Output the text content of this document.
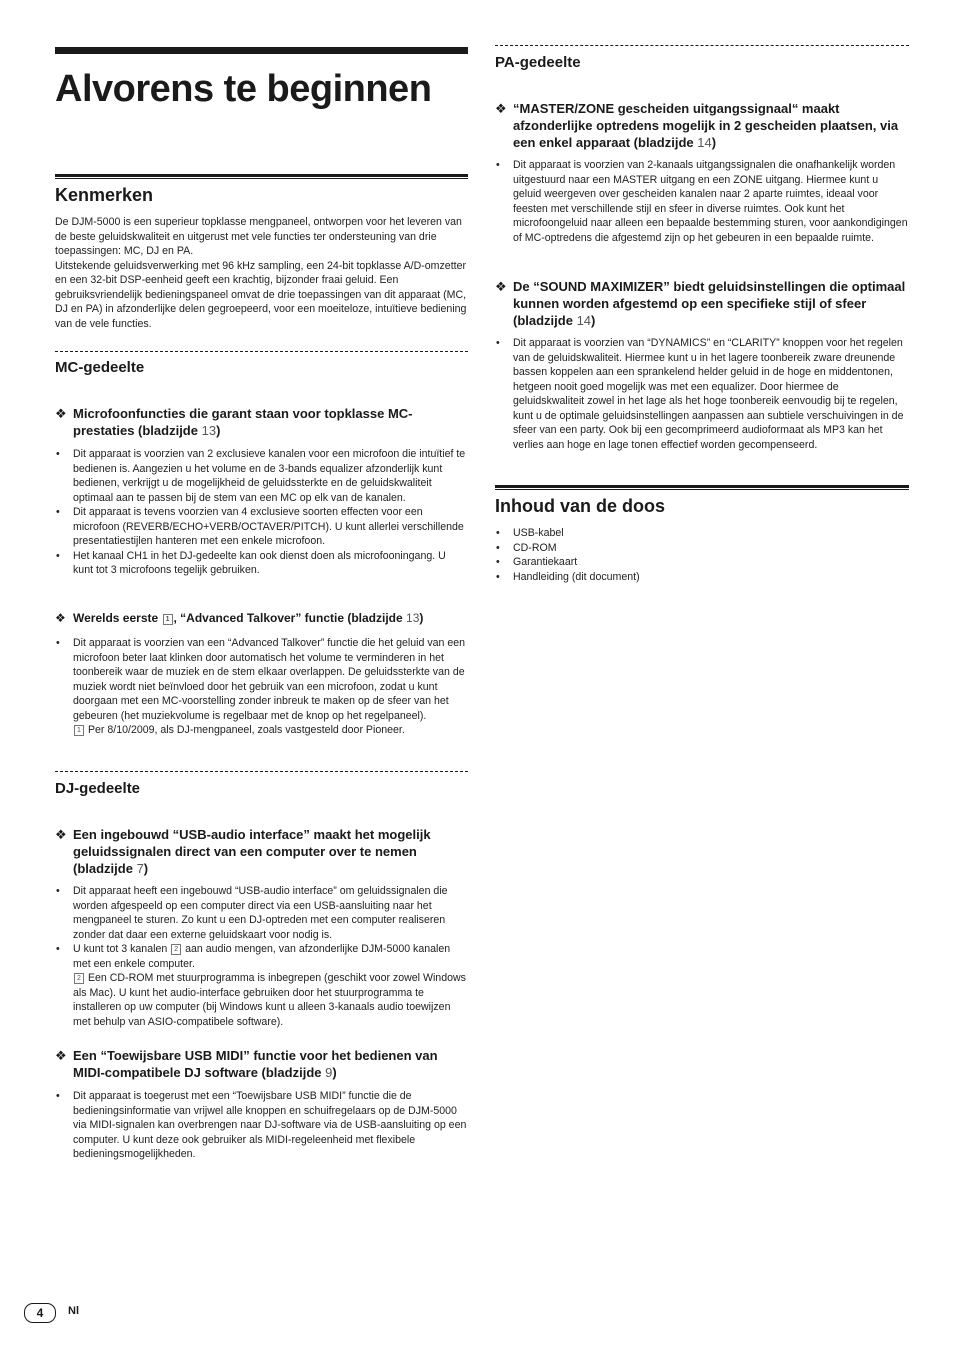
Alvorens te beginnen
Kenmerken

De DJM-5000 is een superieur topklasse mengpaneel, ontworpen voor het leveren van de beste geluidskwaliteit en uitgerust met vele functies ter ondersteuning van drie toepassingen: MC, DJ en PA.

Uitstekende geluidsverwerking met 96 kHz sampling, een 24-bit topklasse A/D-omzetter en een 32-bit DSP-eenheid geeft een krachtig, bijzonder fraai geluid. Een gebruiksvriendelijk bedieningspaneel omvat de drie toepassingen van dit apparaat (MC, DJ en PA) in afzonderlijke delen gegroepeerd, voor een moeiteloze, intuïtieve bediening van de vele functies.

MC-gedeelte
❖ Microfoonfuncties die garant staan voor topklasse MC-prestaties (bladzijde 13)
• Dit apparaat is voorzien van 2 exclusieve kanalen voor een microfoon die intuïtief te bedienen is. Aangezien u het volume en de 3-bands equalizer afzonderlijk kunt bedienen, verkrijgt u de mogelijkheid de geluidssterkte en de geluidskwaliteit optimaal aan te passen bij de stem van een MC op elk van de kanalen.
• Dit apparaat is tevens voorzien van 4 exclusieve soorten effecten voor een microfoon (REVERB/ECHO+VERB/OCTAVER/PITCH). U kunt allerlei verschillende presentatiestijlen hanteren met een enkele microfoon.
• Het kanaal CH1 in het DJ-gedeelte kan ook dienst doen als microfooningang. U kunt tot 3 microfoons tegelijk gebruiken.
❖ Werelds eerste 1 , “Advanced Talkover” functie (bladzijde 13)
• Dit apparaat is voorzien van een “Advanced Talkover” functie die het geluid van een microfoon beter laat klinken door automatisch het volume te verminderen in het toonbereik waar de muziek en de stem elkaar overlappen. De geluidssterkte van de muziek wordt niet beïnvloed door het gebruik van een microfoon, zodat u kunt doorgaan met een MC-voorstelling zonder inbreuk te maken op de sfeer van het gebeuren (het muziekvolume is regelbaar met de knop op het regelpaneel).
1 Per 8/10/2009, als DJ-mengpaneel, zoals vastgesteld door Pioneer.
DJ-gedeelte
❖ Een ingebouwd “USB-audio interface” maakt het mogelijk geluidssignalen direct van een computer over te nemen (bladzijde 7)
• Dit apparaat heeft een ingebouwd “USB-audio interface” om geluidssignalen die worden afgespeeld op een computer direct via een USB-aansluiting naar het mengpaneel te sturen. Zo kunt u een DJ-optreden met een computer realiseren zonder dat daar een externe geluidskaart voor nodig is.
• U kunt tot 3 kanalen 2 aan audio mengen, van afzonderlijke DJM-5000 kanalen met een enkele computer.
2 Een CD-ROM met stuurprogramma is inbegrepen (geschikt voor zowel Windows als Mac). U kunt het audio-interface gebruiken door het stuurprogramma te installeren op uw computer (bij Windows kunt u alleen 3-kanaals audio toewijzen met behulp van ASIO-compatibele software).
❖ Een “Toewijsbare USB MIDI” functie voor het bedienen van MIDI-compatibele DJ software (bladzijde 9)
• Dit apparaat is toegerust met een “Toewijsbare USB MIDI” functie die de bedieningsinformatie van vrijwel alle knoppen en schuifregelaars op de DJM-5000 via MIDI-signalen kan overbrengen naar DJ-software via de USB-aansluiting op een computer. U kunt deze ook gebruiker als MIDI-regeleenheid met flexibele bedieningsmogelijkheden.
PA-gedeelte
❖ “MASTER/ZONE gescheiden uitgangssignaal“ maakt afzonderlijke optredens mogelijk in 2 gescheiden plaatsen, via een enkel apparaat (bladzijde 14)
• Dit apparaat is voorzien van 2-kanaals uitgangssignalen die onafhankelijk worden uitgestuurd naar een MASTER uitgang en een ZONE uitgang. Hiermee kunt u geluid weergeven over gescheiden kanalen naar 2 aparte ruimtes, ideaal voor feesten met verschillende stijl en sfeer in diverse ruimtes. Ook kunt het microfoongeluid naar alleen een bepaalde bestemming sturen, voor aankondigingen of MC-optredens die afgestemd zijn op het gebeuren in een bepaalde ruimte.
❖ De “SOUND MAXIMIZER” biedt geluidsinstellingen die optimaal kunnen worden afgestemd op een specifieke stijl of sfeer (bladzijde 14)
• Dit apparaat is voorzien van “DYNAMICS” en “CLARITY” knoppen voor het regelen van de geluidskwaliteit. Hiermee kunt u in het lagere toonbereik zware dreunende bassen koppelen aan een sprankelend helder geluid in de hoge en middentonen, hetgeen nooit goed mogelijk was met een equalizer. Door hiermee de geluidskwaliteit zowel in het lage als het hoge toonbereik eenvoudig bij te regelen, kunt u de optimale geluidsinstellingen aanpassen aan subtiele verschuivingen in de sfeer van een party. Ook bij een gecomprimeerd audioformaat als MP3 kan het verlies aan hoge en lage tonen effectief worden gecompenseerd.
Inhoud van de doos
• USB-kabel
• CD-ROM
• Garantiekaart
• Handleiding (dit document)
4	Nl
